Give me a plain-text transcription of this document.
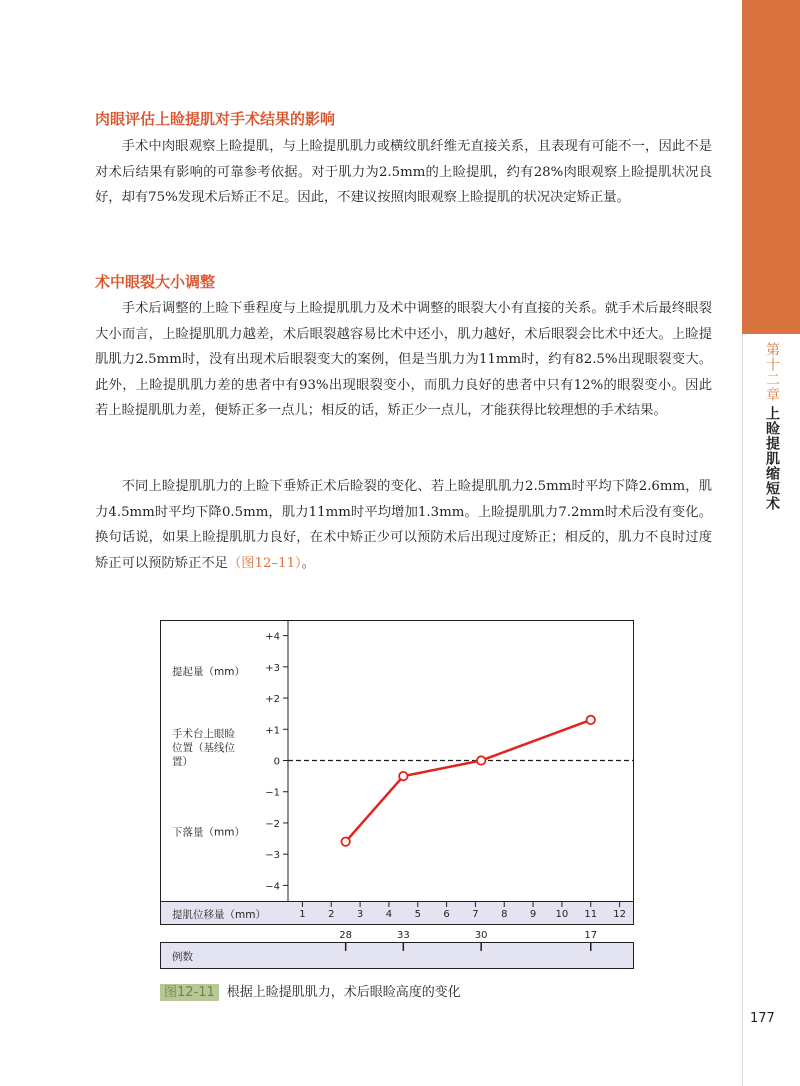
第十二章
上睑提肌缩短术
肉眼评估上睑提肌对手术结果的影响

手术中肉眼观察上睑提肌，与上睑提肌肌力或横纹肌纤维无直接关系，且表现有可能不一，因此不是对术后结果有影响的可靠参考依据。对于肌力为2.5mm的上睑提肌，约有28%肉眼观察上睑提肌状况良好，却有75%发现术后矫正不足。因此，不建议按照肉眼观察上睑提肌的状况决定矫正量。

术中眼裂大小调整

手术后调整的上睑下垂程度与上睑提肌肌力及术中调整的眼裂大小有直接的关系。就手术后最终眼裂大小而言，上睑提肌肌力越差，术后眼裂越容易比术中还小，肌力越好，术后眼裂会比术中还大。上睑提肌肌力2.5mm时，没有出现术后眼裂变大的案例，但是当肌力为11mm时，约有82.5%出现眼裂变大。此外，上睑提肌肌力差的患者中有93%出现眼裂变小，而肌力良好的患者中只有12%的眼裂变小。因此若上睑提肌肌力差，便矫正多一点儿；相反的话，矫正少一点儿，才能获得比较理想的手术结果。

不同上睑提肌肌力的上睑下垂矫正术后睑裂的变化、若上睑提肌肌力2.5mm时平均下降2.6mm，肌力4.5mm时平均下降0.5mm，肌力11mm时平均增加1.3mm。上睑提肌肌力7.2mm时术后没有变化。换句话说，如果上睑提肌肌力良好，在术中矫正少可以预防术后出现过度矫正；相反的，肌力不良时过度矫正可以预防矫正不足（图12–11）。

+4
+3
+2
+1
0
−1
−2
−3
−4
提起量（mm）
手术台上眼睑
位置（基线位
置）
下落量（mm）
提肌位移量（mm）	1 2 3 4 5 6 7 8 9 10 11 12
例数
28	33	30	17
图12-11 根据上睑提肌肌力，术后眼睑高度的变化
177
